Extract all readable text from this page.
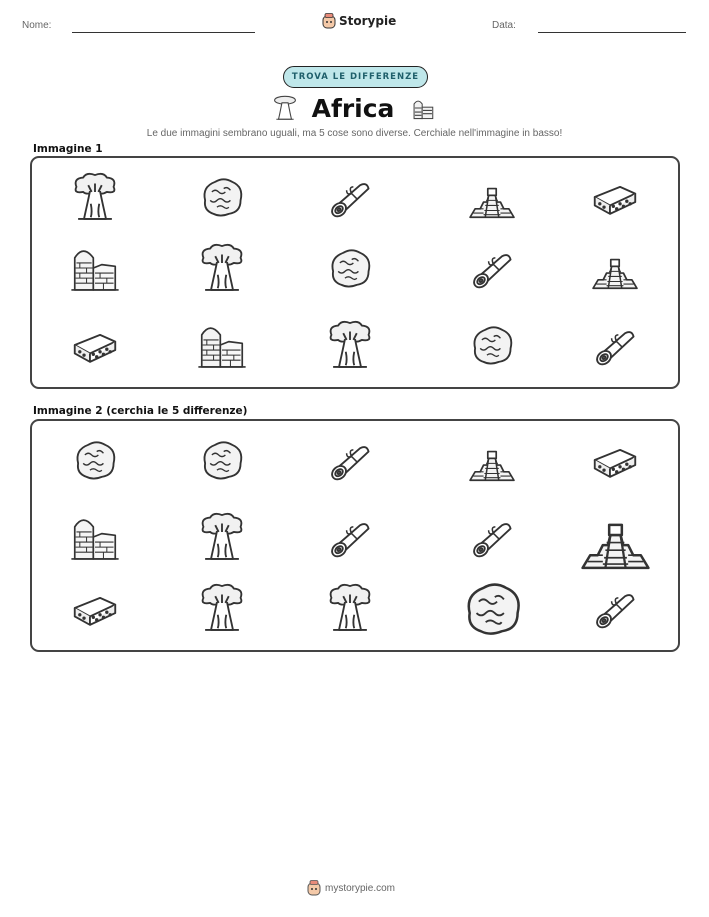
Nome:	Storypie	Data:
TROVA LE DIFFERENZE
Africa
Le due immagini sembrano uguali, ma 5 cose sono diverse. Cerchiale nell'immagine in basso!
Immagine 1
Immagine 2 (cerchia le 5 differenze)
mystorypie.com
